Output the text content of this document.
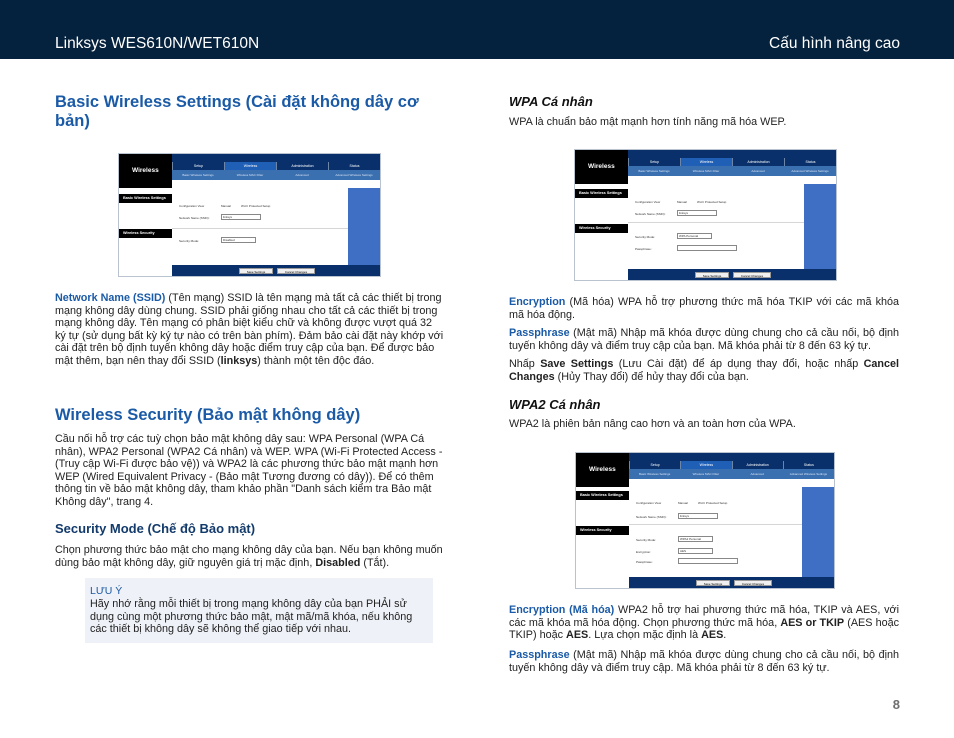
Linksys WES610N/WET610N	Cấu hình nâng cao
Basic Wireless Settings (Cài đặt không dây cơ bản)
Wireless
Setup	Wireless	Administration	Status
Basic Wireless Settings	Wireless MAC Filter	Advanced	Advanced Wireless Settings
Basic Wireless Settings
Wireless Security
Configuration View	Manual	Wi-Fi Protected Setup
Network Name (SSID):	linksys
Security Mode:	Disabled
Save Settings	Cancel Changes
Network Name (SSID) (Tên mạng) SSID là tên mạng mà tất cả các thiết bị trong mạng không dây dùng chung. SSID phải giống nhau cho tất cả các thiết bị trong mạng không dây. Tên mạng có phân biệt kiểu chữ và không được vượt quá 32 ký tự (sử dụng bất kỳ ký tự nào có trên bàn phím). Đảm bảo cài đặt này khớp với cài đặt trên bộ định tuyến không dây hoặc điểm truy cập của bạn. Để được bảo mật thêm, bạn nên thay đổi SSID (linksys) thành một tên độc đáo.
Wireless Security (Bảo mật không dây)
Cầu nối hỗ trợ các tuỳ chọn bảo mật không dây sau: WPA Personal (WPA Cá nhân), WPA2 Personal (WPA2 Cá nhân) và WEP. WPA (Wi-Fi Protected Access - (Truy cập Wi-Fi được bảo vệ)) và WPA2 là các phương thức bảo mật mạnh hơn WEP (Wired Equivalent Privacy - (Bảo mật Tương đương có dây)). Để có thêm thông tin về bảo mật không dây, tham khảo phần "Danh sách kiểm tra Bảo mật Không dây", trang 4.
Security Mode (Chế độ Bảo mật)
Chọn phương thức bảo mật cho mạng không dây của bạn. Nếu bạn không muốn dùng bảo mật không dây, giữ nguyên giá trị mặc định, Disabled (Tắt).
LƯU Ý
Hãy nhớ rằng mỗi thiết bị trong mạng không dây của bạn PHẢI sử dụng cùng một phương thức bảo mật, mật mã/mã khóa, nếu không các thiết bị không dây sẽ không thể giao tiếp với nhau.
WPA Cá nhân
WPA là chuẩn bảo mật mạnh hơn tính năng mã hóa WEP.
Wireless
Setup	Wireless	Administration	Status
Basic Wireless Settings	Wireless MAC Filter	Advanced	Advanced Wireless Settings
Basic Wireless Settings
Wireless Security
Configuration View	Manual	Wi-Fi Protected Setup
Network Name (SSID):	linksys
Security Mode:	WPA Personal
Passphrase:
Save Settings	Cancel Changes
Encryption (Mã hóa) WPA hỗ trợ phương thức mã hóa TKIP với các mã khóa mã hóa động.
Passphrase (Mật mã) Nhập mã khóa được dùng chung cho cả cầu nối, bộ định tuyến không dây và điểm truy cập của bạn. Mã khóa phải từ 8 đến 63 ký tự.
Nhấp Save Settings (Lưu Cài đặt) để áp dụng thay đổi, hoặc nhấp Cancel Changes (Hủy Thay đổi) để hủy thay đổi của bạn.
WPA2 Cá nhân
WPA2 là phiên bản nâng cao hơn và an toàn hơn của WPA.
Wireless
Setup	Wireless	Administration	Status
Basic Wireless Settings	Wireless MAC Filter	Advanced	Advanced Wireless Settings
Basic Wireless Settings
Wireless Security
Configuration View	Manual	Wi-Fi Protected Setup
Network Name (SSID):	linksys
Security Mode:	WPA2 Personal
Encryption:	AES
Passphrase:
Save Settings	Cancel Changes
Encryption (Mã hóa) WPA2 hỗ trợ hai phương thức mã hóa, TKIP và AES, với các mã khóa mã hóa động. Chọn phương thức mã hóa, AES or TKIP (AES hoặc TKIP) hoặc AES. Lựa chọn mặc định là AES.
Passphrase (Mật mã) Nhập mã khóa được dùng chung cho cả cầu nối, bộ định tuyến không dây và điểm truy cập. Mã khóa phải từ 8 đến 63 ký tự.
8
